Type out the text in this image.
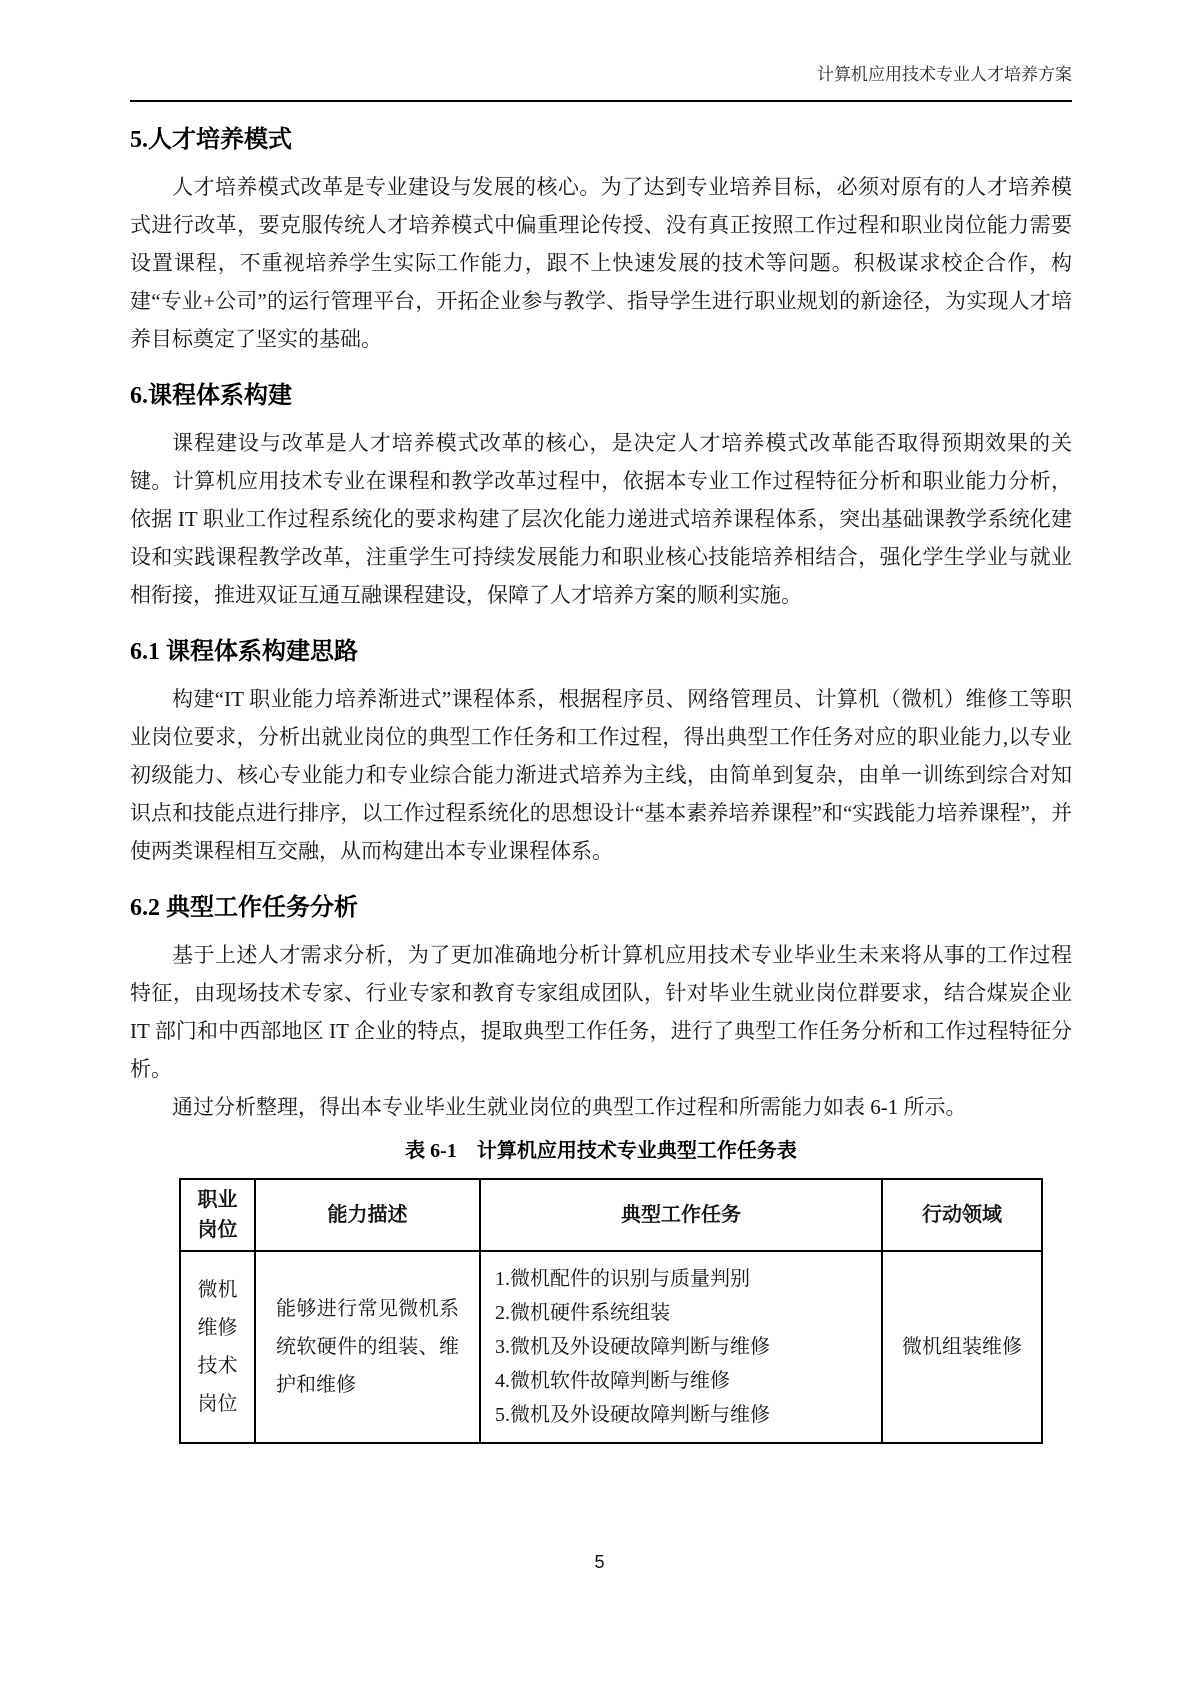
计算机应用技术专业人才培养方案
5.人才培养模式

人才培养模式改革是专业建设与发展的核心。为了达到专业培养目标，必须对原有的人才培养模式进行改革，要克服传统人才培养模式中偏重理论传授、没有真正按照工作过程和职业岗位能力需要设置课程，不重视培养学生实际工作能力，跟不上快速发展的技术等问题。积极谋求校企合作，构建“专业+公司”的运行管理平台，开拓企业参与教学、指导学生进行职业规划的新途径，为实现人才培养目标奠定了坚实的基础。

6.课程体系构建

课程建设与改革是人才培养模式改革的核心，是决定人才培养模式改革能否取得预期效果的关键。计算机应用技术专业在课程和教学改革过程中，依据本专业工作过程特征分析和职业能力分析，依据 IT 职业工作过程系统化的要求构建了层次化能力递进式培养课程体系，突出基础课教学系统化建设和实践课程教学改革，注重学生可持续发展能力和职业核心技能培养相结合，强化学生学业与就业相衔接，推进双证互通互融课程建设，保障了人才培养方案的顺利实施。

6.1 课程体系构建思路

构建“IT 职业能力培养渐进式”课程体系，根据程序员、网络管理员、计算机（微机）维修工等职业岗位要求，分析出就业岗位的典型工作任务和工作过程，得出典型工作任务对应的职业能力,以专业初级能力、核心专业能力和专业综合能力渐进式培养为主线，由简单到复杂，由单一训练到综合对知识点和技能点进行排序，以工作过程系统化的思想设计“基本素养培养课程”和“实践能力培养课程”，并使两类课程相互交融，从而构建出本专业课程体系。

6.2 典型工作任务分析

基于上述人才需求分析，为了更加准确地分析计算机应用技术专业毕业生未来将从事的工作过程特征，由现场技术专家、行业专家和教育专家组成团队，针对毕业生就业岗位群要求，结合煤炭企业 IT 部门和中西部地区 IT 企业的特点，提取典型工作任务，进行了典型工作任务分析和工作过程特征分析。

通过分析整理，得出本专业毕业生就业岗位的典型工作过程和所需能力如表 6-1 所示。

表 6-1　计算机应用技术专业典型工作任务表
职业岗位	能力描述	典型工作任务	行动领域
微机维修技术岗位	能够进行常见微机系统软硬件的组装、维护和维修	1.微机配件的识别与质量判别
2.微机硬件系统组装
3.微机及外设硬故障判断与维修
4.微机软件故障判断与维修
5.微机及外设硬故障判断与维修	微机组装维修
5
